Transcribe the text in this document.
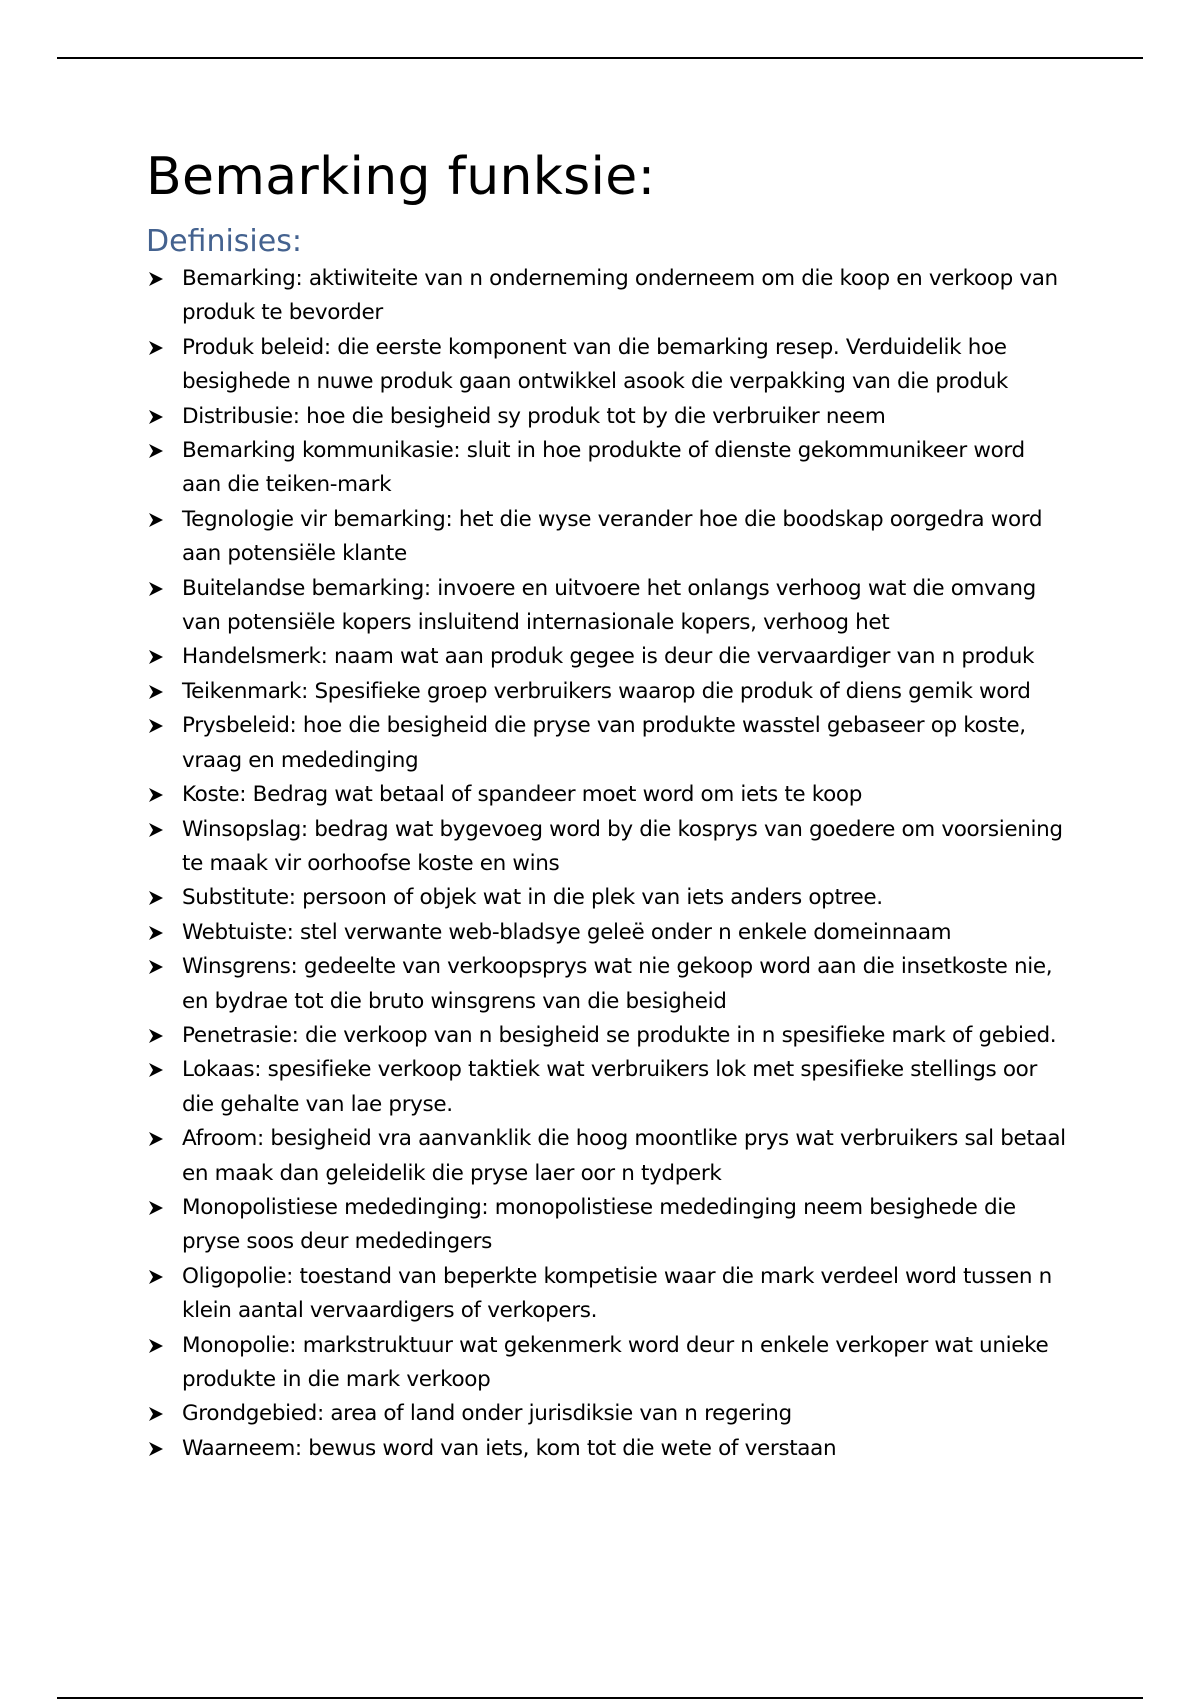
Bemarking funksie:
Definisies:
Bemarking: aktiwiteite van n onderneming onderneem om die koop en verkoop van produk te bevorder
Produk beleid: die eerste komponent van die bemarking resep. Verduidelik hoe besighede n nuwe produk gaan ontwikkel asook die verpakking van die produk
Distribusie: hoe die besigheid sy produk tot by die verbruiker neem
Bemarking kommunikasie: sluit in hoe produkte of dienste gekommunikeer word aan die teiken-mark
Tegnologie vir bemarking: het die wyse verander hoe die boodskap oorgedra word aan potensiële klante
Buitelandse bemarking: invoere en uitvoere het onlangs verhoog wat die omvang van potensiële kopers insluitend internasionale kopers, verhoog het
Handelsmerk: naam wat aan produk gegee is deur die vervaardiger van n produk
Teikenmark: Spesifieke groep verbruikers waarop die produk of diens gemik word
Prysbeleid: hoe die besigheid die pryse van produkte wasstel gebaseer op koste, vraag en mededinging
Koste: Bedrag wat betaal of spandeer moet word om iets te koop
Winsopslag: bedrag wat bygevoeg word by die kosprys van goedere om voorsiening te maak vir oorhoofse koste en wins
Substitute: persoon of objek wat in die plek van iets anders optree.
Webtuiste: stel verwante web-bladsye geleë onder n enkele domeinnaam
Winsgrens: gedeelte van verkoopsprys wat nie gekoop word aan die insetkoste nie, en bydrae tot die bruto winsgrens van die besigheid
Penetrasie: die verkoop van n besigheid se produkte in n spesifieke mark of gebied.
Lokaas: spesifieke verkoop taktiek wat verbruikers lok met spesifieke stellings oor die gehalte van lae pryse.
Afroom: besigheid vra aanvanklik die hoog moontlike prys wat verbruikers sal betaal en maak dan geleidelik die pryse laer oor n tydperk
Monopolistiese mededinging: monopolistiese mededinging neem besighede die pryse soos deur mededingers
Oligopolie: toestand van beperkte kompetisie waar die mark verdeel word tussen n klein aantal vervaardigers of verkopers.
Monopolie: markstruktuur wat gekenmerk word deur n enkele verkoper wat unieke produkte in die mark verkoop
Grondgebied: area of land onder jurisdiksie van n regering
Waarneem: bewus word van iets, kom tot die wete of verstaan
